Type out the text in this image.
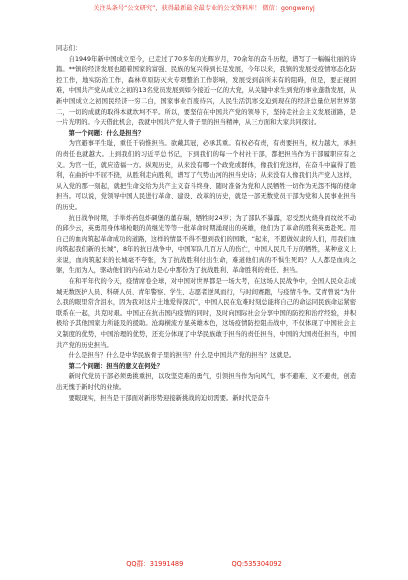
关注头条号“公文研究”，获得最新最全最专业的公文资料库！ 微信：gongwenyj

同志们：

自1949年新中国成立至今，已走过了70多年的光辉岁月，70余年的奋斗历程，谱写了一幅幅壮丽的诗篇。**镇的经济发展也随着国家的富强、民族的复兴得到长足发展，今年以来，我镇的发展受疫情寒态化防控工作，地实防治工作，森林草原防灭火专项整治工作影响，发展受到前所未有的阻碍，但是，要正视困难，中国共产党从成立之初的13名党员发展到如今接近一亿的大党，从关键中求生到党的事业蓬勃发展，从新中国成立之初国民经济一穷二白，国家事业百废待兴，人民生活饥寒交迫到现在的经济总量位居世界第二，一切的成就的取得本就坎坷不平。所以，要坚信在中国共产党的领导下，坚持走社会主义发展道路，是一片光明的。今天借此机会，我就中国共产党人骨子里的担当精神，从三方面和大家共同探讨。

第一个问题：什么是担当？

为官避事平生耻，重任千钧惟担当。欲戴其冠，必承其重。有权必有责，有责要担当，权力越大，承担的责任也就越大。上到我们的习近平总书记，下到我们的每一个村社干部，都把担当作为干部履职应有之义。为官一任，就应造福一方。纵观历史，从来没有哪一个政党或群体，像我们党这样，在奋斗中赢得了胜利，在曲折中不屈不挠，从胜利走向胜利，谱写了气势山河的担当史诗；从来没有人像我们共产党人这样，从入党的那一刻起，就把生命交给为共产主义奋斗终身、随时准备为党和人民牺牲一切作为无怨不悔的使命担当。可以说，党领导中国人民进行革命、建设、改革的历史，就是一部无数党员干部为党和人民事业担当的历史。

抗日战争时期，手举炸药包炸碉堡的董存瑞，牺牲时24岁；为了部队不暴露，忍受烈火烧身而纹丝不动的邱少云，英勇用身体堵枪眼的黄继光等等一批革命时期涌现出的英雄，他们为了革命的胜利英勇赴死。用自己的血肉筑起革命成功的道路，这样的情景不得不想到我们的国歌，“起来，不愿做奴隶的人们，用我们血肉筑起我们新的长城”，8年的抗日战争中，中国军队几百万人的伤亡，中国人民几千万的牺牲，某种意义上来说，血肉筑起来的长城毫不夸张，为了抗战胜利付出生命，难道他们真的不惧生死吗？人人都是血肉之躯，生而为人，驱动他们的内在动力是心中那份为了抗战胜利、革命胜利的责任、担当。

在和平年代的今天，疫情席卷全球，对中国对世界都是一场大考，在这场人民战争中，全国人民众志成城无数医护人员、科研人员、青年警察、学生、志愿者逆风而行，与时间赛跑，与疫情斗争。艾青曾说“为什么我的眼里常含泪水，因为我对这片土地爱得深沉”，中国人民在危难时刻总能将自己的命运同民族命运紧密联系在一起，共克时艰。中国正在抗击国内疫情的同时，及时向国际社会分享中国的防控和治疗经验，并积极给予其他国家力所能及的援助。沧海横流方显英雄本色，这场疫情防控阻击战中，不仅体现了中国社会主义制度的优势，中国治理的优势，还充分体现了中华民族敢于担当的责任担当，中国的大国责任担当，中国共产党的历史担当。

什么是担当？什么是中华民族骨子里的担当？什么是中国共产党的担当？这就是。

第二个问题：担当的意义在何处？

新时代党员干部必须勇挑重担，以攻坚克难的勇气，引领担当作为向风气，事不避难、义不避责，创造出无愧于新时代的业绩。

要眼现实，担当是干部面对新形势迎接新挑战的迫切需要。新时代是奋斗

QQ群：31991489	QQ:535304092
